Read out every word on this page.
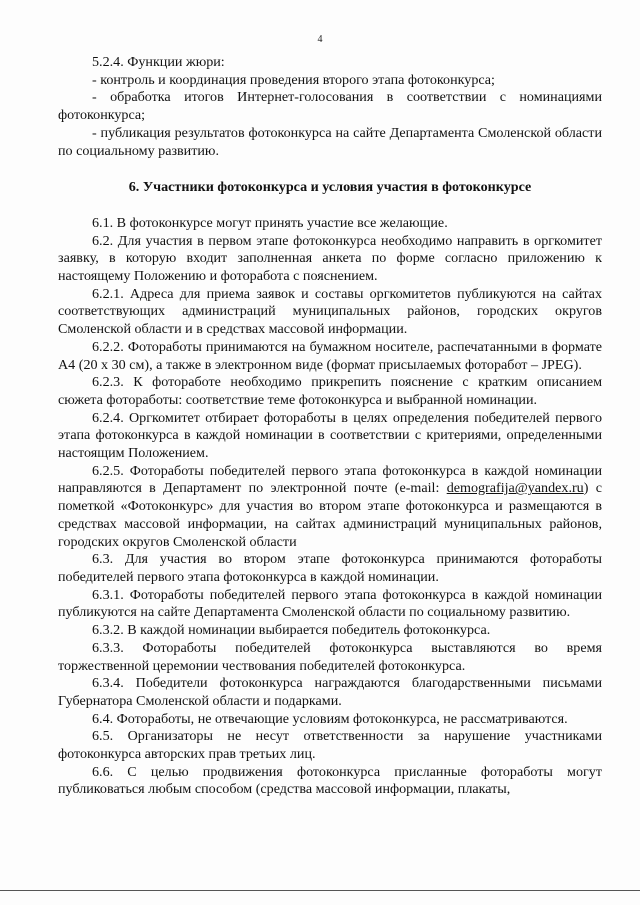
4

5.2.4. Функции жюри:

- контроль и координация проведения второго этапа фотоконкурса;

- обработка итогов Интернет-голосования в соответствии с номинациями фотоконкурса;

- публикация результатов фотоконкурса на сайте Департамента Смоленской области по социальному развитию.

6. Участники фотоконкурса и условия участия в фотоконкурсе

6.1. В фотоконкурсе могут принять участие все желающие.

6.2. Для участия в первом этапе фотоконкурса необходимо направить в оргкомитет заявку, в которую входит заполненная анкета по форме согласно приложению к настоящему Положению и фоторабота с пояснением.

6.2.1. Адреса для приема заявок и составы оргкомитетов публикуются на сайтах соответствующих администраций муниципальных районов, городских округов Смоленской области и в средствах массовой информации.

6.2.2. Фотоработы принимаются на бумажном носителе, распечатанными в формате А4 (20 х 30 см), а также в электронном виде (формат присылаемых фоторабот – JPEG).

6.2.3. К фотоработе необходимо прикрепить пояснение с кратким описанием сюжета фотоработы: соответствие теме фотоконкурса и выбранной номинации.

6.2.4. Оргкомитет отбирает фотоработы в целях определения победителей первого этапа фотоконкурса в каждой номинации в соответствии с критериями, определенными настоящим Положением.

6.2.5. Фотоработы победителей первого этапа фотоконкурса в каждой номинации направляются в Департамент по электронной почте (e-mail: demografija@yandex.ru) с пометкой «Фотоконкурс» для участия во втором этапе фотоконкурса и размещаются в средствах массовой информации, на сайтах администраций муниципальных районов, городских округов Смоленской области

6.3. Для участия во втором этапе фотоконкурса принимаются фотоработы победителей первого этапа фотоконкурса в каждой номинации.

6.3.1. Фотоработы победителей первого этапа фотоконкурса в каждой номинации публикуются на сайте Департамента Смоленской области по социальному развитию.

6.3.2. В каждой номинации выбирается победитель фотоконкурса.

6.3.3. Фотоработы победителей фотоконкурса выставляются во время торжественной церемонии чествования победителей фотоконкурса.

6.3.4. Победители фотоконкурса награждаются благодарственными письмами Губернатора Смоленской области и подарками.

6.4. Фотоработы, не отвечающие условиям фотоконкурса, не рассматриваются.

6.5. Организаторы не несут ответственности за нарушение участниками фотоконкурса авторских прав третьих лиц.

6.6. С целью продвижения фотоконкурса присланные фотоработы могут публиковаться любым способом (средства массовой информации, плакаты,
